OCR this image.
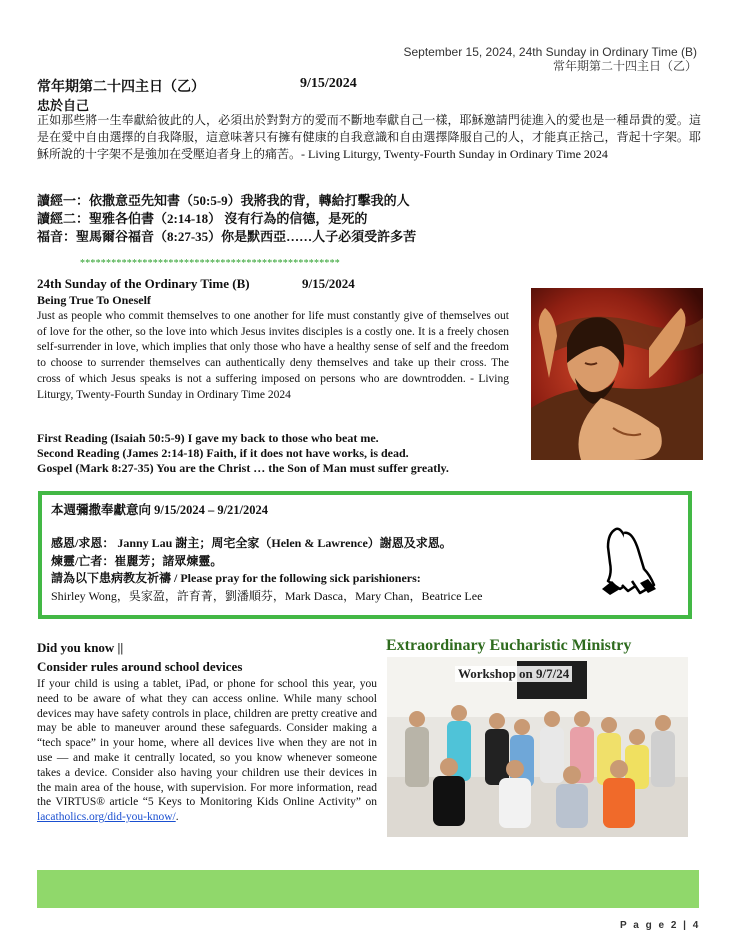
September 15, 2024, 24th Sunday in Ordinary Time (B)
常年期第二十四主日（乙）
常年期第二十四主日（乙）	9/15/2024
忠於自己
正如那些將一生奉獻給彼此的人，必須出於對對方的愛而不斷地奉獻自己一樣，耶穌邀請門徒進入的愛也是一種昂貴的愛。這是在愛中自由選擇的自我降服，這意味著只有擁有健康的自我意識和自由選擇降服自己的人，才能真正捨己，背起十字架。耶穌所說的十字架不是強加在受壓迫者身上的痛苦。- Living Liturgy, Twenty-Fourth Sunday in Ordinary Time 2024
讀經一：依撒意亞先知書（50:5-9）我將我的背，轉給打擊我的人
讀經二：聖雅各伯書（2:14-18） 沒有行為的信德，是死的
福音：聖馬爾谷福音（8:27-35）你是默西亞……人子必須受許多苦
**************************************************
24th Sunday of the Ordinary Time (B)	9/15/2024
Being True To Oneself
Just as people who commit themselves to one another for life must constantly give of themselves out of love for the other, so the love into which Jesus invites disciples is a costly one. It is a freely chosen self-surrender in love, which implies that only those who have a healthy sense of self and the freedom to choose to surrender themselves can authentically deny themselves and take up their cross. The cross of which Jesus speaks is not a suffering imposed on persons who are downtrodden. - Living Liturgy, Twenty-Fourth Sunday in Ordinary Time 2024
First Reading (Isaiah 50:5-9) I gave my back to those who beat me.
Second Reading (James 2:14-18) Faith, if it does not have works, is dead.
Gospel (Mark 8:27-35) You are the Christ … the Son of Man must suffer greatly.
本週彌撒奉獻意向 9/15/2024 – 9/21/2024
感恩/求恩： Janny Lau 謝主；周宅全家（Helen & Lawrence）謝恩及求恩。
煉靈/亡者：崔麗芳；諸眾煉靈。
請為以下患病教友祈禱 / Please pray for the following sick parishioners:
Shirley Wong，吳家盈，許育菁，劉潘順芬，Mark Dasca，Mary Chan，Beatrice Lee
Did you know ||
Consider rules around school devices
If your child is using a tablet, iPad, or phone for school this year, you need to be aware of what they can access online. While many school devices may have safety controls in place, children are pretty creative and may be able to maneuver around these safeguards. Consider making a “tech space” in your home, where all devices live when they are not in use — and make it centrally located, so you know whenever someone takes a device. Consider also having your children use their devices in the main area of the house, with supervision. For more information, read the VIRTUS® article “5 Keys to Monitoring Kids Online Activity” on lacatholics.org/did-you-know/.
Extraordinary Eucharistic Ministry
Workshop on 9/7/24
P a g e 2 | 4
